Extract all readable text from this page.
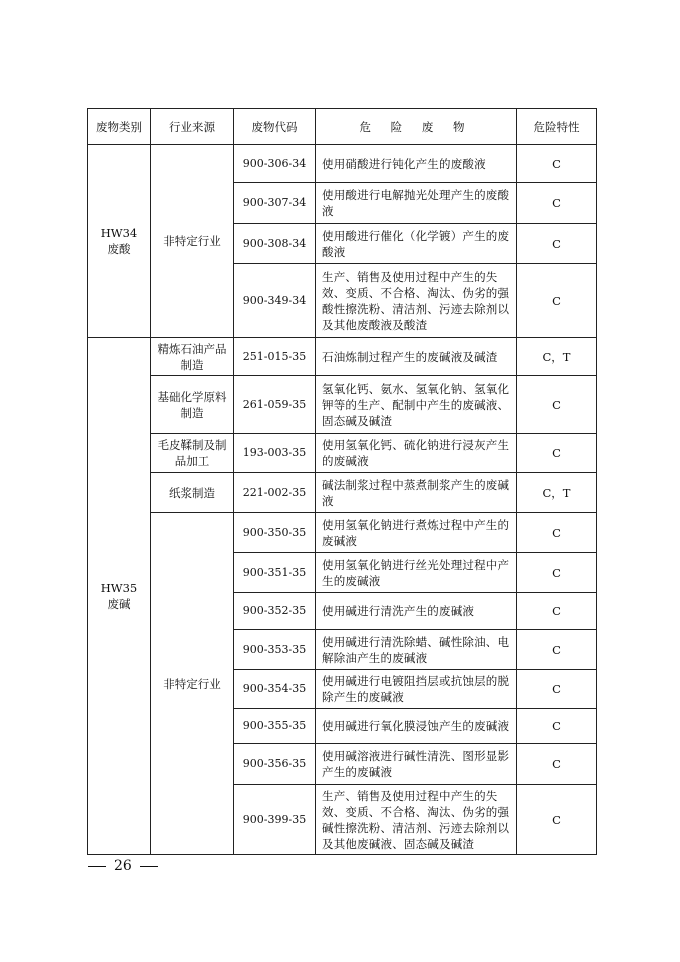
废物类别	行业来源	废物代码	危 险 废 物	危险特性
HW34
废酸	非特定行业	900-306-34	使用硝酸进行钝化产生的废酸液	C
		900-307-34	使用酸进行电解抛光处理产生的废酸液	C
		900-308-34	使用酸进行催化（化学镀）产生的废酸液	C
		900-349-34	生产、销售及使用过程中产生的失效、变质、不合格、淘汰、伪劣的强酸性擦洗粉、清洁剂、污迹去除剂以及其他废酸液及酸渣	C
HW35
废碱	精炼石油产品制造	251-015-35	石油炼制过程产生的废碱液及碱渣	C，T
	基础化学原料制造	261-059-35	氢氧化钙、氨水、氢氧化钠、氢氧化钾等的生产、配制中产生的废碱液、固态碱及碱渣	C
	毛皮鞣制及制品加工	193-003-35	使用氢氧化钙、硫化钠进行浸灰产生的废碱液	C
	纸浆制造	221-002-35	碱法制浆过程中蒸煮制浆产生的废碱液	C，T
	非特定行业	900-350-35	使用氢氧化钠进行煮炼过程中产生的废碱液	C
		900-351-35	使用氢氧化钠进行丝光处理过程中产生的废碱液	C
		900-352-35	使用碱进行清洗产生的废碱液	C
		900-353-35	使用碱进行清洗除蜡、碱性除油、电解除油产生的废碱液	C
		900-354-35	使用碱进行电镀阻挡层或抗蚀层的脱除产生的废碱液	C
		900-355-35	使用碱进行氧化膜浸蚀产生的废碱液	C
		900-356-35	使用碱溶液进行碱性清洗、图形显影产生的废碱液	C
		900-399-35	生产、销售及使用过程中产生的失效、变质、不合格、淘汰、伪劣的强碱性擦洗粉、清洁剂、污迹去除剂以及其他废碱液、固态碱及碱渣	C
26
